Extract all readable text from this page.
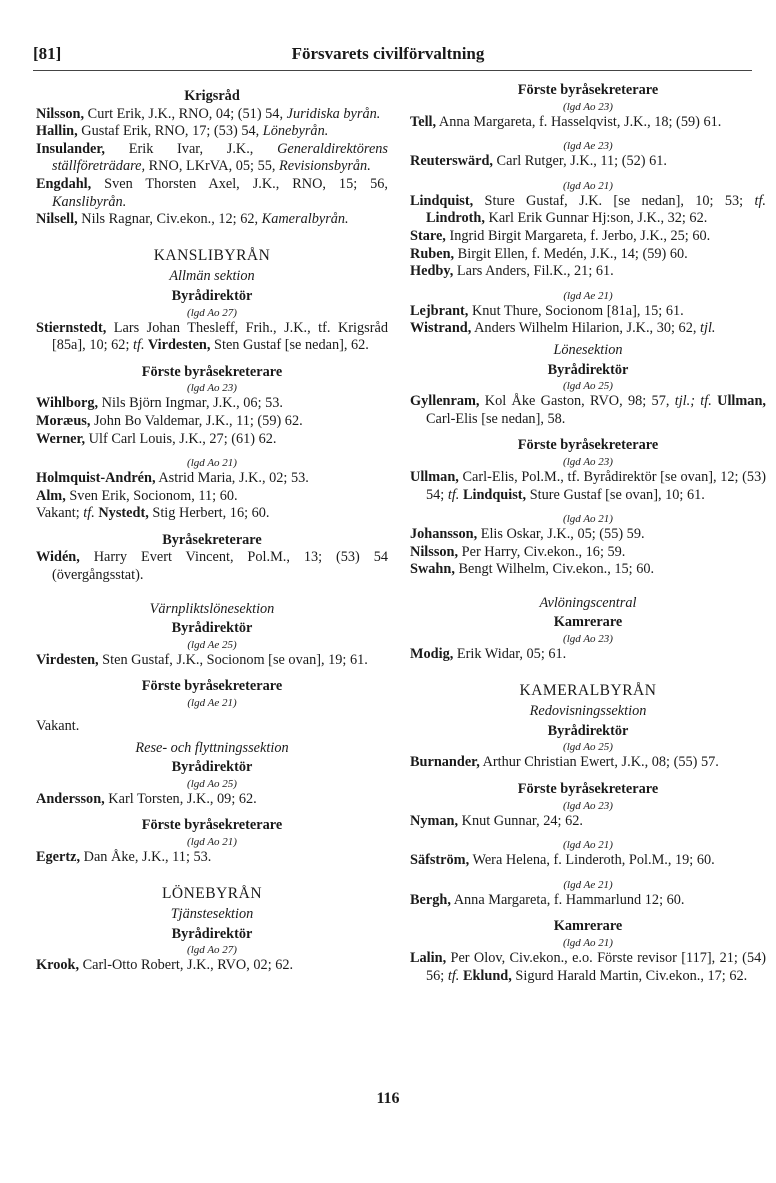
[81]	Försvarets civilförvaltning

Krigsråd

Nilsson, Curt Erik, J.K., RNO, 04; (51) 54, Juridiska byrån.

Hallin, Gustaf Erik, RNO, 17; (53) 54, Lönebyrån.

Insulander, Erik Ivar, J.K., Generaldirektörens ställföreträdare, RNO, LKrVA, 05; 55, Revisionsbyrån.

Engdahl, Sven Thorsten Axel, J.K., RNO, 15; 56, Kanslibyrån.

Nilsell, Nils Ragnar, Civ.ekon., 12; 62, Kameralbyrån.

KANSLIBYRÅN

Allmän sektion

Byrådirektör

(lgd Ao 27)

Stiernstedt, Lars Johan Thesleff, Frih., J.K., tf. Krigsråd [85a], 10; 62; tf. Virdesten, Sten Gustaf [se nedan], 62.

Förste byråsekreterare

(lgd Ao 23)

Wihlborg, Nils Björn Ingmar, J.K., 06; 53.

Moræus, John Bo Valdemar, J.K., 11; (59) 62.

Werner, Ulf Carl Louis, J.K., 27; (61) 62.

(lgd Ao 21)

Holmquist-Andrén, Astrid Maria, J.K., 02; 53.

Alm, Sven Erik, Socionom, 11; 60.

Vakant; tf. Nystedt, Stig Herbert, 16; 60.

Byråsekreterare

Widén, Harry Evert Vincent, Pol.M., 13; (53) 54 (övergångsstat).

Värnpliktslönesektion

Byrådirektör

(lgd Ae 25)

Virdesten, Sten Gustaf, J.K., Socionom [se ovan], 19; 61.

Förste byråsekreterare

(lgd Ae 21)

Vakant.

Rese- och flyttningssektion

Byrådirektör

(lgd Ao 25)

Andersson, Karl Torsten, J.K., 09; 62.

Förste byråsekreterare

(lgd Ao 21)

Egertz, Dan Åke, J.K., 11; 53.

LÖNEBYRÅN

Tjänstesektion

Byrådirektör

(lgd Ao 27)

Krook, Carl-Otto Robert, J.K., RVO, 02; 62.

Förste byråsekreterare

(lgd Ao 23)

Tell, Anna Margareta, f. Hasselqvist, J.K., 18; (59) 61.

(lgd Ae 23)

Reuterswärd, Carl Rutger, J.K., 11; (52) 61.

(lgd Ao 21)

Lindquist, Sture Gustaf, J.K. [se nedan], 10; 53; tf. Lindroth, Karl Erik Gunnar Hj:son, J.K., 32; 62.

Stare, Ingrid Birgit Margareta, f. Jerbo, J.K., 25; 60.

Ruben, Birgit Ellen, f. Medén, J.K., 14; (59) 60.

Hedby, Lars Anders, Fil.K., 21; 61.

(lgd Ae 21)

Lejbrant, Knut Thure, Socionom [81a], 15; 61.

Wistrand, Anders Wilhelm Hilarion, J.K., 30; 62, tjl.

Lönesektion

Byrådirektör

(lgd Ao 25)

Gyllenram, Kol Åke Gaston, RVO, 98; 57, tjl.; tf. Ullman, Carl-Elis [se nedan], 58.

Förste byråsekreterare

(lgd Ao 23)

Ullman, Carl-Elis, Pol.M., tf. Byrådirektör [se ovan], 12; (53) 54; tf. Lindquist, Sture Gustaf [se ovan], 10; 61.

(lgd Ao 21)

Johansson, Elis Oskar, J.K., 05; (55) 59.

Nilsson, Per Harry, Civ.ekon., 16; 59.

Swahn, Bengt Wilhelm, Civ.ekon., 15; 60.

Avlöningscentral

Kamrerare

(lgd Ao 23)

Modig, Erik Widar, 05; 61.

KAMERALBYRÅN

Redovisningssektion

Byrådirektör

(lgd Ao 25)

Burnander, Arthur Christian Ewert, J.K., 08; (55) 57.

Förste byråsekreterare

(lgd Ao 23)

Nyman, Knut Gunnar, 24; 62.

(lgd Ao 21)

Säfström, Wera Helena, f. Linderoth, Pol.M., 19; 60.

(lgd Ae 21)

Bergh, Anna Margareta, f. Hammarlund 12; 60.

Kamrerare

(lgd Ao 21)

Lalin, Per Olov, Civ.ekon., e.o. Förste revisor [117], 21; (54) 56; tf. Eklund, Sigurd Harald Martin, Civ.ekon., 17; 62.

116
